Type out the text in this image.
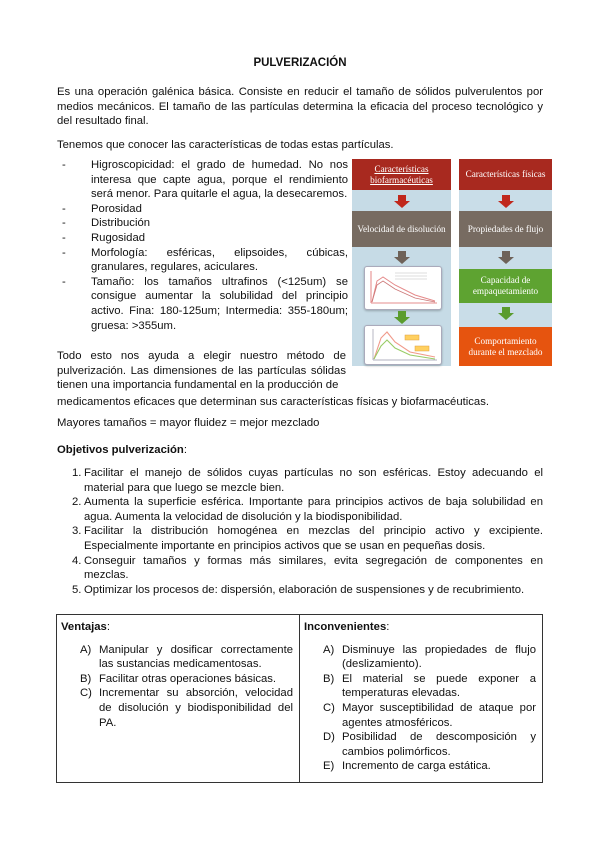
PULVERIZACIÓN
Es una operación galénica básica. Consiste en reducir el tamaño de sólidos pulverulentos por medios mecánicos. El tamaño de las partículas determina la eficacia del proceso tecnológico y del resultado final.
Tenemos que conocer las características de todas estas partículas.
- Higroscopicidad: el grado de humedad. No nos interesa que capte agua, porque el rendimiento será menor. Para quitarle el agua, la desecaremos.
- Porosidad
- Distribución
- Rugosidad
- Morfología: esféricas, elipsoides, cúbicas, granulares, regulares, aciculares.
- Tamaño: los tamaños ultrafinos (<125um) se consigue aumentar la solubilidad del principio activo. Fina: 180-125um; Intermedia: 355-180um; gruesa: >355um.
Características biofarmacéuticas
Velocidad de disolución
Características físicas
Propiedades de flujo
Capacidad de empaquetamiento
Comportamiento durante el mezclado
Todo esto nos ayuda a elegir nuestro método de pulverización. Las dimensiones de las partículas sólidas tienen una importancia fundamental en la producción de
medicamentos eficaces que determinan sus características físicas y biofarmacéuticas.
Mayores tamaños = mayor fluidez = mejor mezclado
Objetivos pulverización:
1. Facilitar el manejo de sólidos cuyas partículas no son esféricas. Estoy adecuando el material para que luego se mezcle bien.
2. Aumenta la superficie esférica. Importante para principios activos de baja solubilidad en agua. Aumenta la velocidad de disolución y la biodisponibilidad.
3. Facilitar la distribución homogénea en mezclas del principio activo y excipiente. Especialmente importante en principios activos que se usan en pequeñas dosis.
4. Conseguir tamaños y formas más similares, evita segregación de componentes en mezclas.
5. Optimizar los procesos de: dispersión, elaboración de suspensiones y de recubrimiento.
Ventajas:
A) Manipular y dosificar correctamente las sustancias medicamentosas.
B) Facilitar otras operaciones básicas.
C) Incrementar su absorción, velocidad de disolución y biodisponibilidad del PA.
Inconvenientes:
A) Disminuye las propiedades de flujo (deslizamiento).
B) El material se puede exponer a temperaturas elevadas.
C) Mayor susceptibilidad de ataque por agentes atmosféricos.
D) Posibilidad de descomposición y cambios polimórficos.
E) Incremento de carga estática.
